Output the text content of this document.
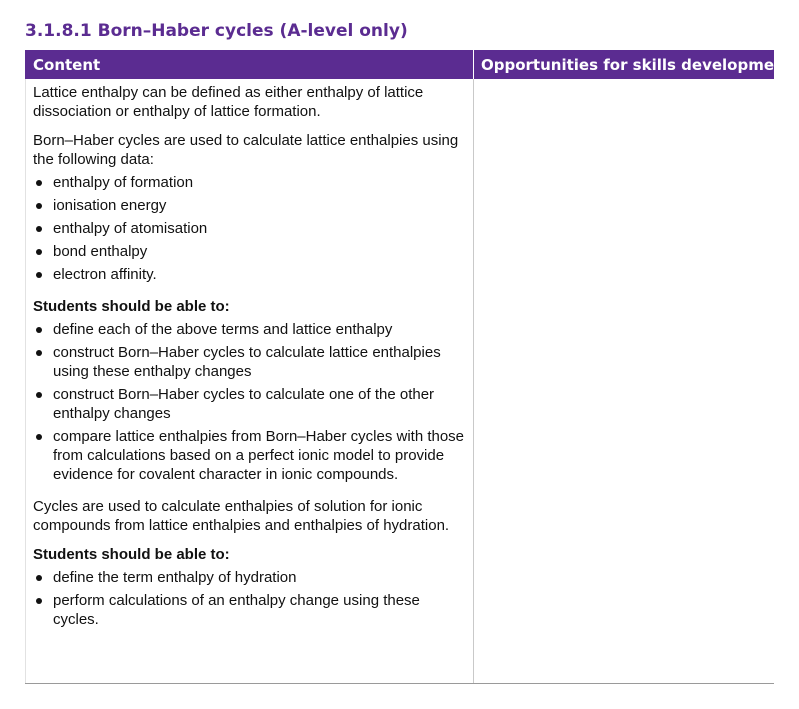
3.1.8.1 Born–Haber cycles (A-level only)
Content	Opportunities for skills development

Lattice enthalpy can be defined as either enthalpy of lattice dissociation or enthalpy of lattice formation.

Born–Haber cycles are used to calculate lattice enthalpies using the following data:

enthalpy of formation
ionisation energy
enthalpy of atomisation
bond enthalpy
electron affinity.
Students should be able to:
define each of the above terms and lattice enthalpy
construct Born–Haber cycles to calculate lattice enthalpies using these enthalpy changes
construct Born–Haber cycles to calculate one of the other enthalpy changes
compare lattice enthalpies from Born–Haber cycles with those from calculations based on a perfect ionic model to provide evidence for covalent character in ionic compounds.

Cycles are used to calculate enthalpies of solution for ionic compounds from lattice enthalpies and enthalpies of hydration.

Students should be able to:
define the term enthalpy of hydration
perform calculations of an enthalpy change using these cycles.
